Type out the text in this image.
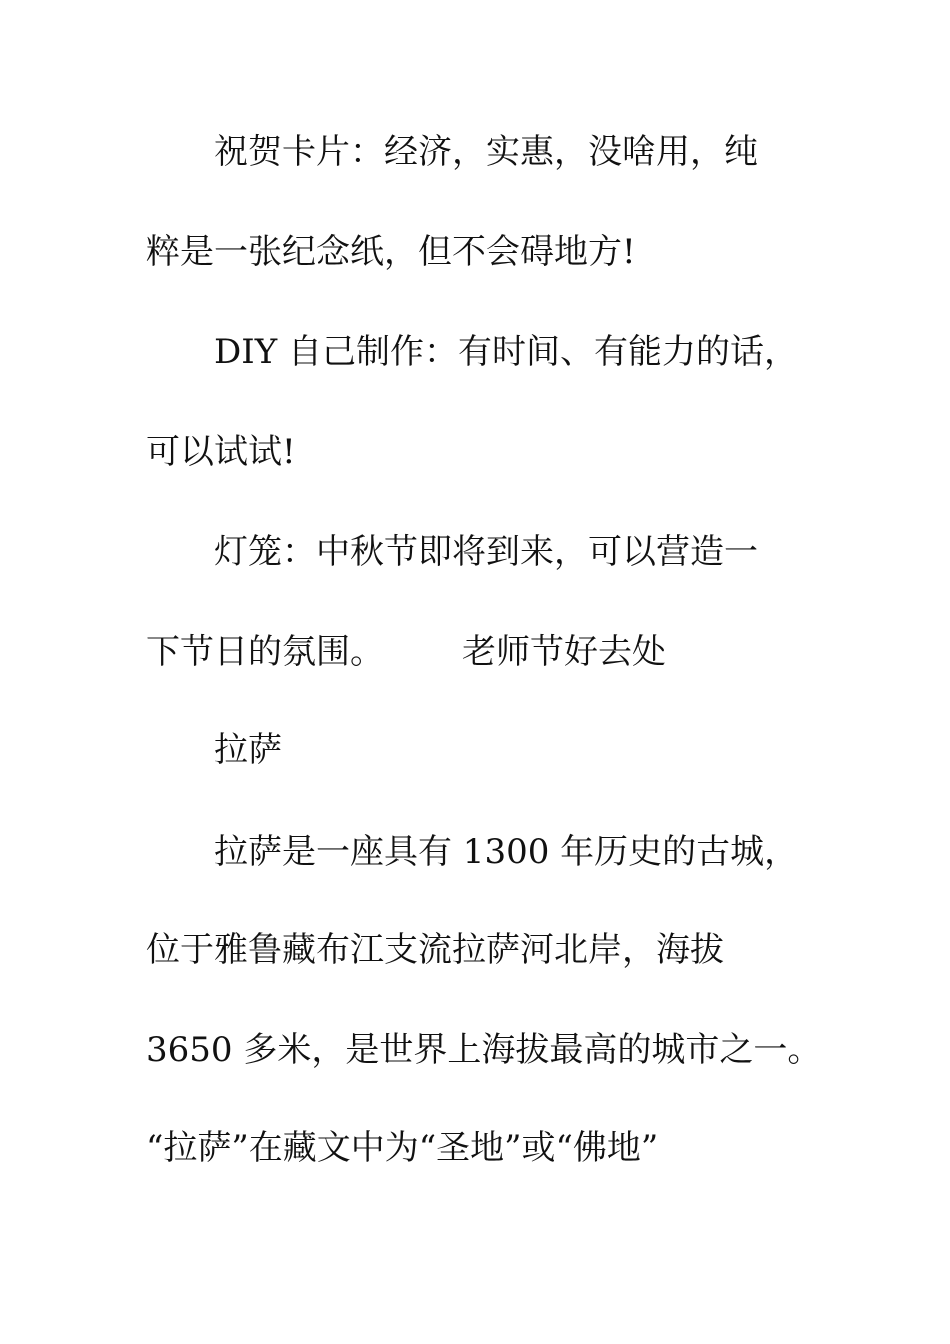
祝贺卡片：经济，实惠，没啥用，纯
粹是一张纪念纸，但不会碍地方!
DIY 自己制作：有时间、有能力的话，
可以试试!
灯笼：中秋节即将到来，可以营造一
下节日的氛围。 老师节好去处
拉萨
拉萨是一座具有 1300 年历史的古城，
位于雅鲁藏布江支流拉萨河北岸，海拔
3650 多米，是世界上海拔最高的城市之一。
“拉萨”在藏文中为“圣地”或“佛地”
